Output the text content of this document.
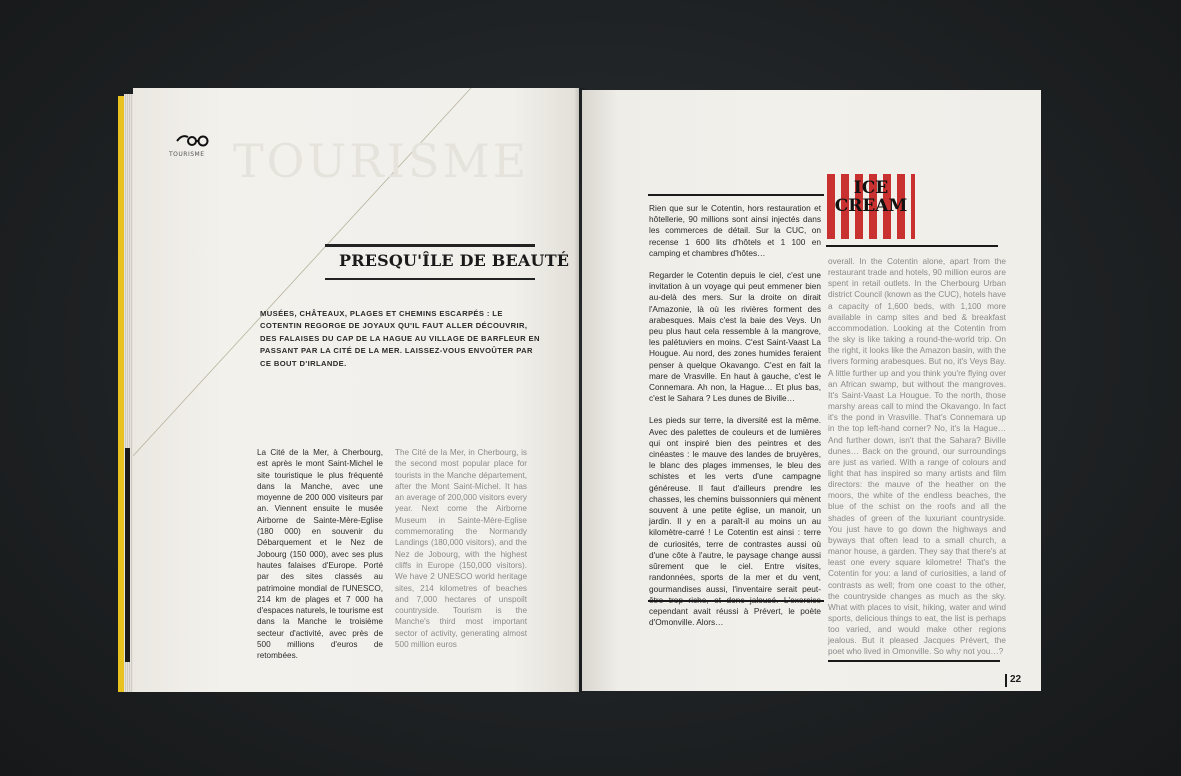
TOURISME
TOURISME
PRESQU'ÎLE DE BEAUTÉ
MUSÉES, CHÂTEAUX, PLAGES ET CHEMINS ESCARPÉS : LE COTENTIN REGORGE DE JOYAUX QU'IL FAUT ALLER DÉCOUVRIR, DES FALAISES DU CAP DE LA HAGUE AU VILLAGE DE BARFLEUR EN PASSANT PAR LA CITÉ DE LA MER. LAISSEZ-VOUS ENVOÛTER PAR CE BOUT D'IRLANDE.
La Cité de la Mer, à Cherbourg, est après le mont Saint-Michel le site touristique le plus fréquenté dans la Manche, avec une moyenne de 200 000 visiteurs par an. Viennent ensuite le musée Airborne de Sainte-Mère-Eglise (180 000) en souvenir du Débarquement et le Nez de Jobourg (150 000), avec ses plus hautes falaises d'Europe. Porté par des sites classés au patrimoine mondial de l'UNESCO, 214 km de plages et 7 000 ha d'espaces naturels, le tourisme est dans la Manche le troisième secteur d'activité, avec près de 500 millions d'euros de retombées.
The Cité de la Mer, in Cherbourg, is the second most popular place for tourists in the Manche département, after the Mont Saint-Michel. It has an average of 200,000 visitors every year. Next come the Airborne Museum in Sainte-Mère-Eglise commemorating the Normandy Landings (180,000 visitors), and the Nez de Jobourg, with the highest cliffs in Europe (150,000 visitors). We have 2 UNESCO world heritage sites, 214 kilometres of beaches and 7,000 hectares of unspoilt countryside. Tourism is the Manche's third most important sector of activity, generating almost 500 million euros
ICE
CREAM

Rien que sur le Cotentin, hors restauration et hôtellerie, 90 millions sont ainsi injectés dans les commerces de détail. Sur la CUC, on recense 1 600 lits d'hôtels et 1 100 en camping et chambres d'hôtes…

Regarder le Cotentin depuis le ciel, c'est une invitation à un voyage qui peut emmener bien au-delà des mers. Sur la droite on dirait l'Amazonie, là où les rivières forment des arabesques. Mais c'est la baie des Veys. Un peu plus haut cela ressemble à la mangrove, les palétuviers en moins. C'est Saint-Vaast La Hougue. Au nord, des zones humides feraient penser à quelque Okavango. C'est en fait la mare de Vrasville. En haut à gauche, c'est le Connemara. Ah non, la Hague… Et plus bas, c'est le Sahara ? Les dunes de Biville…

Les pieds sur terre, la diversité est la même. Avec des palettes de couleurs et de lumières qui ont inspiré bien des peintres et des cinéastes : le mauve des landes de bruyères, le blanc des plages immenses, le bleu des schistes et les verts d'une campagne généreuse. Il faut d'ailleurs prendre les chasses, les chemins buissonniers qui mènent souvent à une petite église, un manoir, un jardin. Il y en a paraît-il au moins un au kilomètre-carré ! Le Cotentin est ainsi : terre de curiosités, terre de contrastes aussi où d'une côte à l'autre, le paysage change aussi sûrement que le ciel. Entre visites, randonnées, sports de la mer et du vent, gourmandises aussi, l'inventaire serait peut- cependant avait réussi à Prévert, le poète d'Omonville. Alors…

overall. In the Cotentin alone, apart from the restaurant trade and hotels, 90 million euros are spent in retail outlets. In the Cherbourg Urban district Council (known as the CUC), hotels have a capacity of 1,600 beds, with 1,100 more available in camp sites and bed & breakfast accommodation. Looking at the Cotentin from the sky is like taking a round-the-world trip. On the right, it looks like the Amazon basin, with the rivers forming arabesques. But no, it's Veys Bay. A little further up and you think you're flying over an African swamp, but without the mangroves. It's Saint-Vaast La Hougue. To the north, those marshy areas call to mind the Okavango. In fact it's the pond in Vrasville. That's Connemara up in the top left-hand corner? No, it's la Hague… And further down, isn't that the Sahara? Biville dunes… Back on the ground, our surroundings are just as varied. With a range of colours and light that has inspired so many artists and film directors: the mauve of the heather on the moors, the white of the endless beaches, the blue of the schist on the roofs and all the shades of green of the luxuriant countryside. You just have to go down the highways and byways that often lead to a small church, a manor house, a garden. They say that there's at least one every square kilometre! That's the Cotentin for you: a land of curiosities, a land of contrasts as well; from one coast to the other, the countryside changes as much as the sky. What with places to visit, hiking, water and wind sports, delicious things to eat, the list is perhaps too varied, and would make other regions jealous. But it pleased Jacques Prévert, the poet who lived in Omonville. So why not you…?
22
